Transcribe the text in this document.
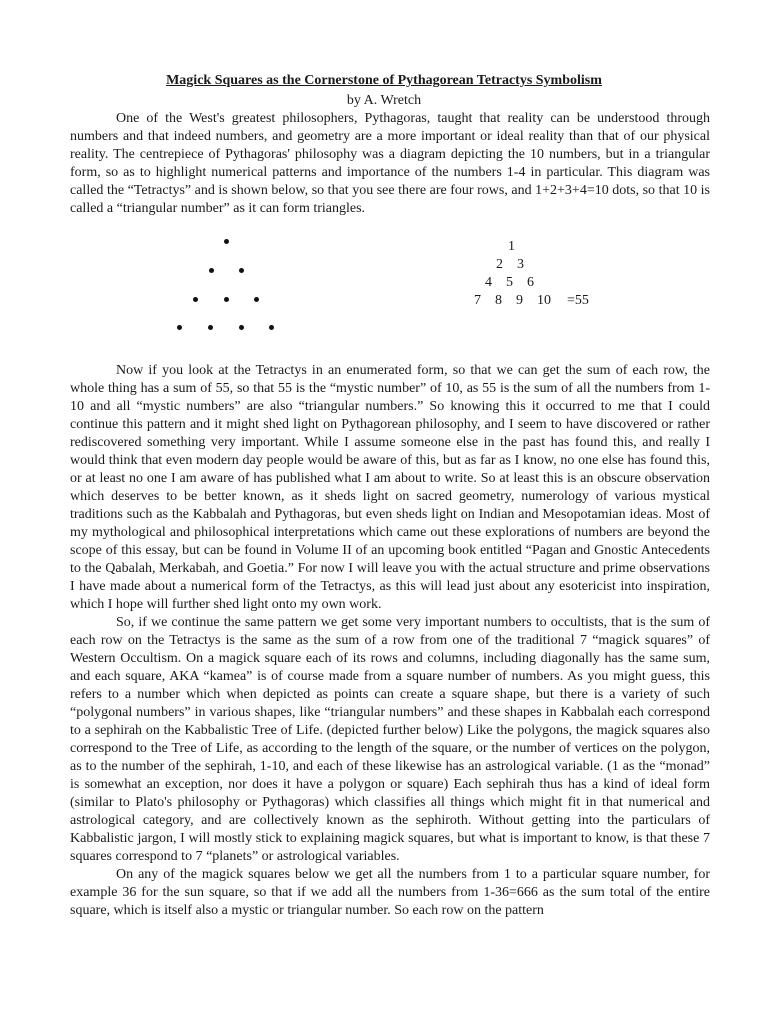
Magick Squares as the Cornerstone of Pythagorean Tetractys Symbolism
by A. Wretch

One of the West's greatest philosophers, Pythagoras, taught that reality can be understood through numbers and that indeed numbers, and geometry are a more important or ideal reality than that of our physical reality. The centrepiece of Pythagoras' philosophy was a diagram depicting the 10 numbers, but in a triangular form, so as to highlight numerical patterns and importance of the numbers 1-4 in particular. This diagram was called the “Tetractys” and is shown below, so that you see there are four rows, and 1+2+3+4=10 dots, so that 10 is called a “triangular number” as it can form triangles.

1
2    3
4    5    6
7    8    9    10 =55

Now if you look at the Tetractys in an enumerated form, so that we can get the sum of each row, the whole thing has a sum of 55, so that 55 is the “mystic number” of 10, as 55 is the sum of all the numbers from 1-10 and all “mystic numbers” are also “triangular numbers.” So knowing this it occurred to me that I could continue this pattern and it might shed light on Pythagorean philosophy, and I seem to have discovered or rather rediscovered something very important. While I assume someone else in the past has found this, and really I would think that even modern day people would be aware of this, but as far as I know, no one else has found this, or at least no one I am aware of has published what I am about to write. So at least this is an obscure observation which deserves to be better known, as it sheds light on sacred geometry, numerology of various mystical traditions such as the Kabbalah and Pythagoras, but even sheds light on Indian and Mesopotamian ideas. Most of my mythological and philosophical interpretations which came out these explorations of numbers are beyond the scope of this essay, but can be found in Volume II of an upcoming book entitled “Pagan and Gnostic Antecedents to the Qabalah, Merkabah, and Goetia.” For now I will leave you with the actual structure and prime observations I have made about a numerical form of the Tetractys, as this will lead just about any esotericist into inspiration, which I hope will further shed light onto my own work.

So, if we continue the same pattern we get some very important numbers to occultists, that is the sum of each row on the Tetractys is the same as the sum of a row from one of the traditional 7 “magick squares” of Western Occultism. On a magick square each of its rows and columns, including diagonally has the same sum, and each square, AKA “kamea” is of course made from a square number of numbers. As you might guess, this refers to a number which when depicted as points can create a square shape, but there is a variety of such “polygonal numbers” in various shapes, like “triangular numbers” and these shapes in Kabbalah each correspond to a sephirah on the Kabbalistic Tree of Life. (depicted further below) Like the polygons, the magick squares also correspond to the Tree of Life, as according to the length of the square, or the number of vertices on the polygon, as to the number of the sephirah, 1-10, and each of these likewise has an astrological variable. (1 as the “monad” is somewhat an exception, nor does it have a polygon or square) Each sephirah thus has a kind of ideal form (similar to Plato's philosophy or Pythagoras) which classifies all things which might fit in that numerical and astrological category, and are collectively known as the sephiroth. Without getting into the particulars of Kabbalistic jargon, I will mostly stick to explaining magick squares, but what is important to know, is that these 7 squares correspond to 7 “planets” or astrological variables.

On any of the magick squares below we get all the numbers from 1 to a particular square number, for example 36 for the sun square, so that if we add all the numbers from 1-36=666 as the sum total of the entire square, which is itself also a mystic or triangular number. So each row on the pattern
